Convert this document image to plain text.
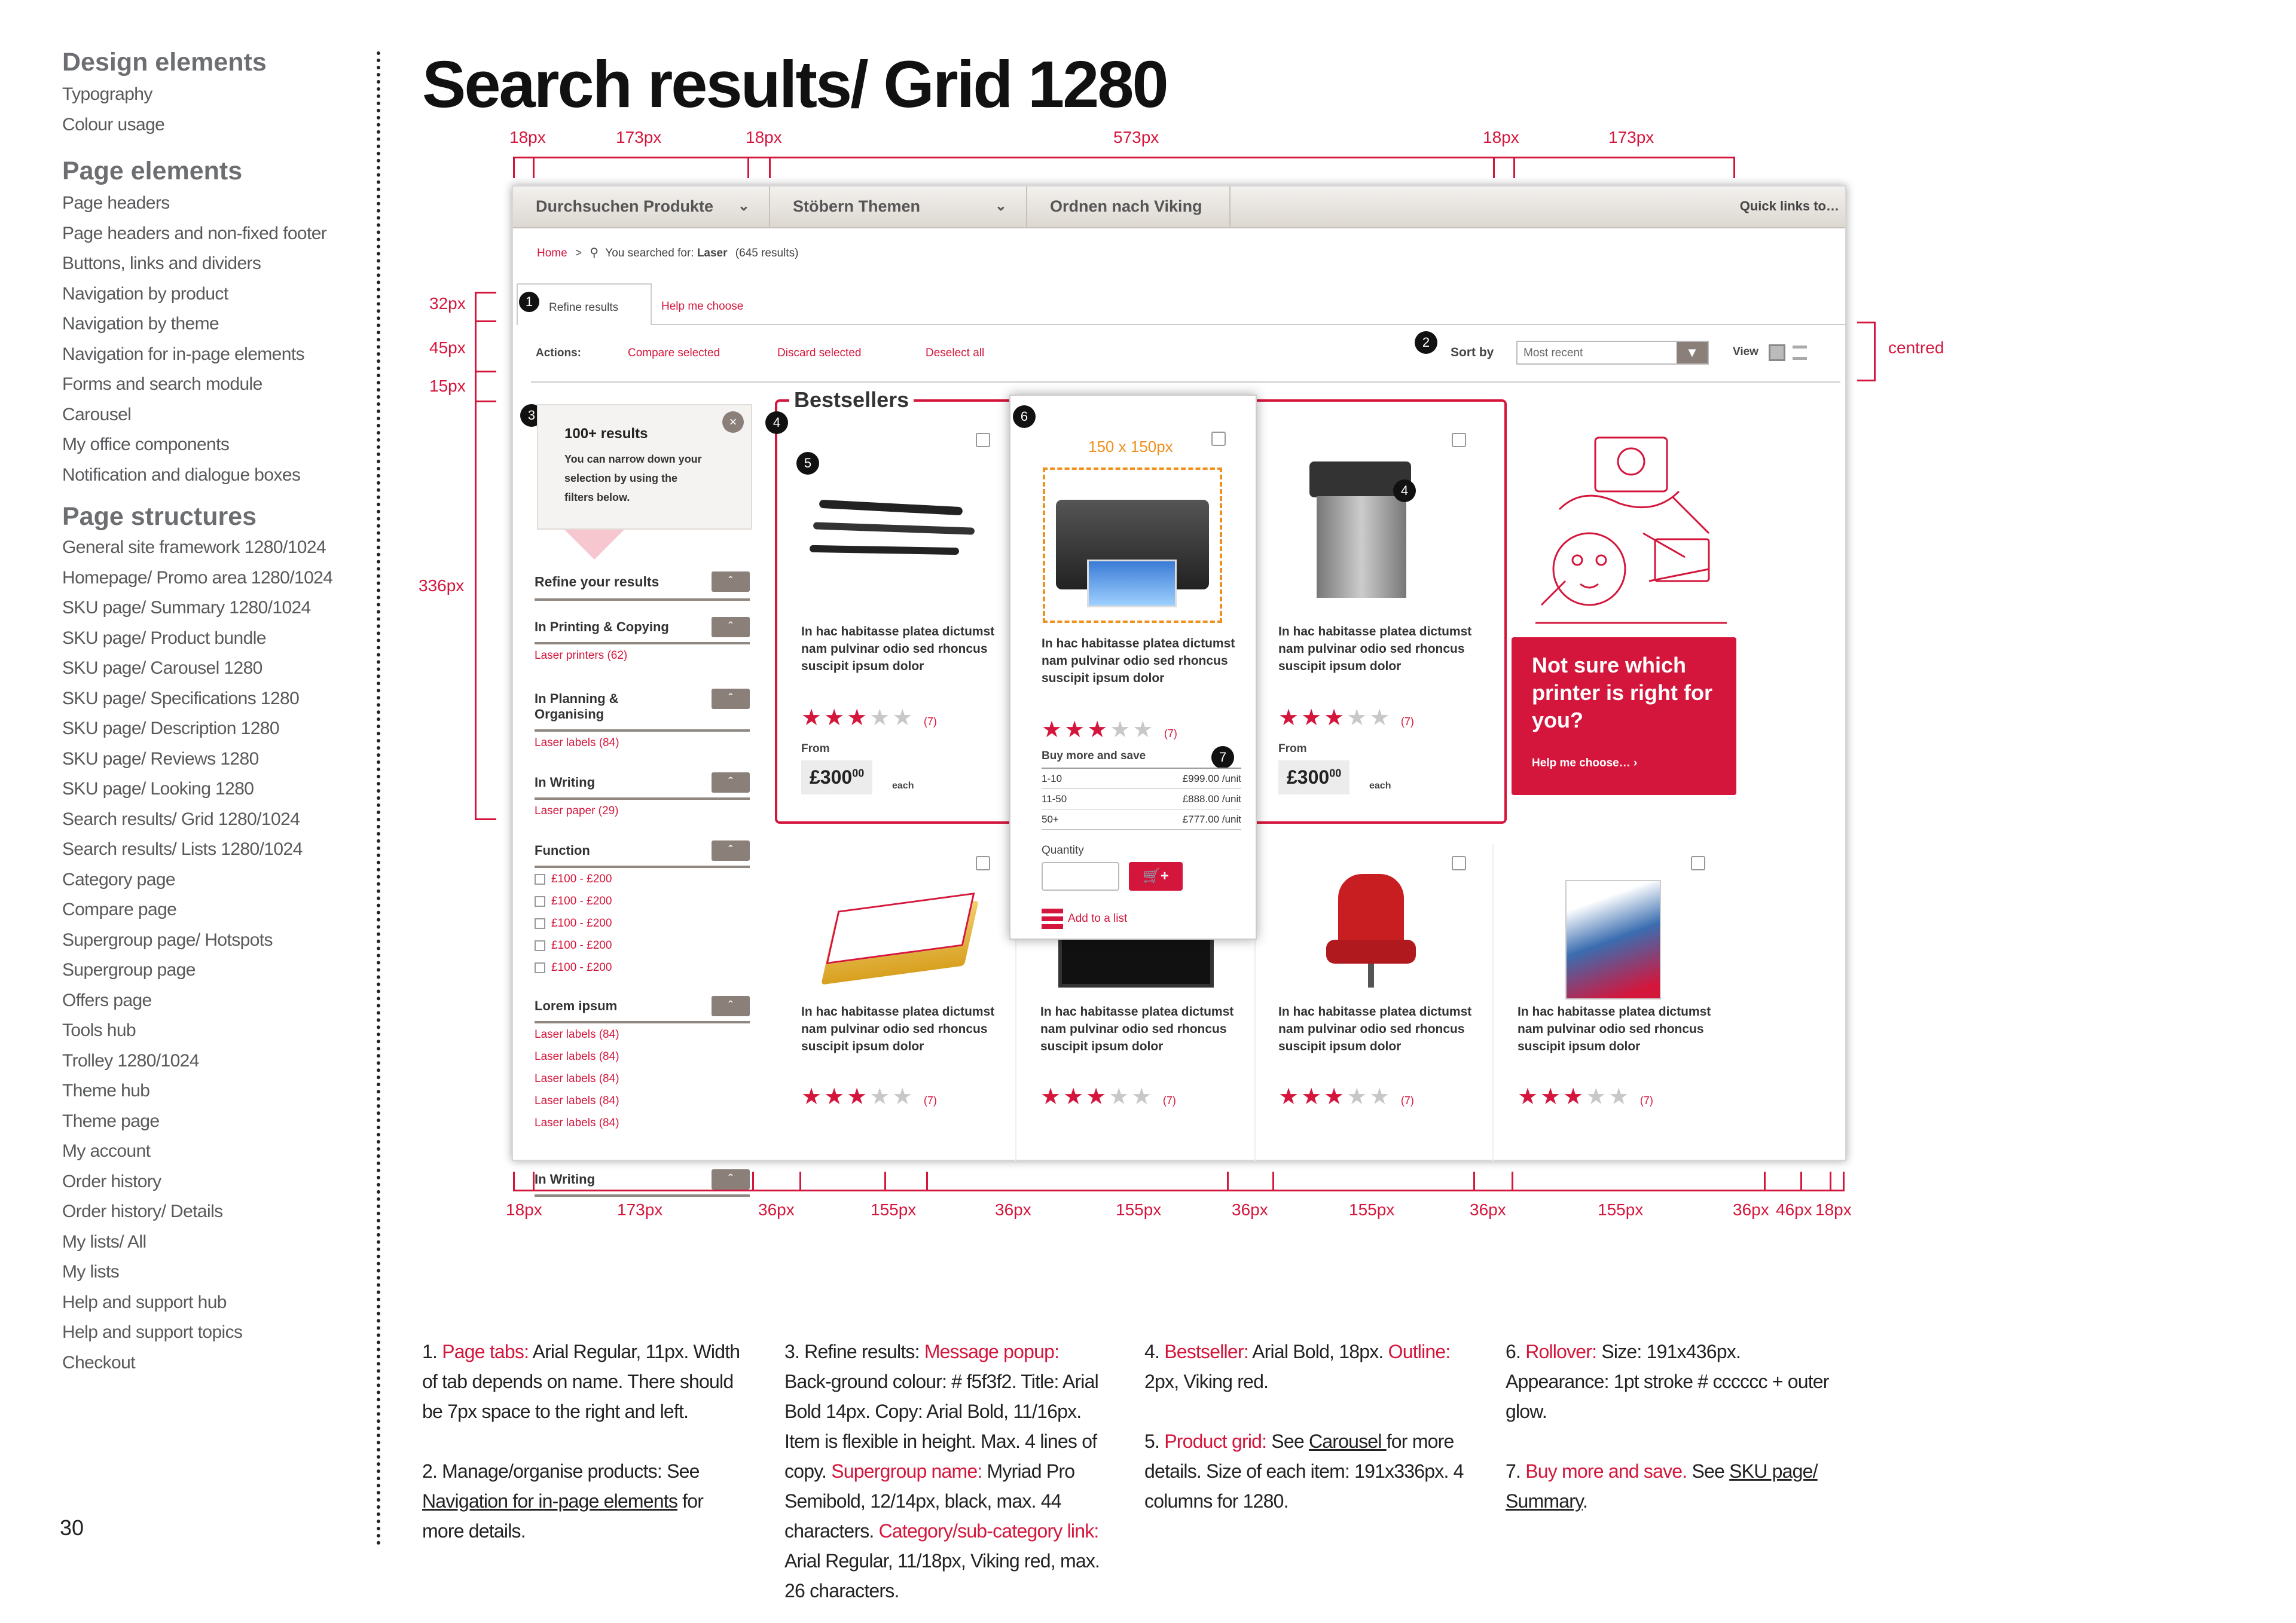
Design elements
Typography
Colour usage
Page elements
Page headers
Page headers and non-fixed footer
Buttons, links and dividers
Navigation by product
Navigation by theme
Navigation for in-page elements
Forms and search module
Carousel
My office components
Notification and dialogue boxes
Page structures
General site framework 1280/1024
Homepage/ Promo area 1280/1024
SKU page/ Summary 1280/1024
SKU page/ Product bundle
SKU page/ Carousel 1280
SKU page/ Specifications 1280
SKU page/ Description 1280
SKU page/ Reviews 1280
SKU page/ Looking 1280
Search results/ Grid 1280/1024
Search results/ Lists 1280/1024
Category page
Compare page
Supergroup page/ Hotspots
Supergroup page
Offers page
Tools hub
Trolley 1280/1024
Theme hub
Theme page
My account
Order history
Order history/ Details
My lists/ All
My lists
Help and support hub
Help and support topics
Checkout
30
Search results/ Grid 1280
18px	173px	18px	573px	18px	173px
32px
45px
15px
336px
centred
18px	173px	36px	155px	36px	155px	36px	155px	36px	155px	36px 46px 18px
Durchsuchen Produkte ⌄	Stöbern Themen	⌄	Ordnen nach Viking	Quick links to…
Home > ⚲ You searched for: Laser (645 results)
Refine results	Help me choose
1
Actions:	Compare selected	Discard selected	Deselect all
2
Sort by	Most recent	▼	View
3
100+ results
You can narrow down your selection by using the filters below.
×
Refine your results	ˆ
Bestsellers
4
5
In hac habitasse platea dictumst nam pulvinar odio sed rhoncus suscipit ipsum dolor
★★★★★ (7)
From
$£300^{00}$
each
4
In hac habitasse platea dictumst nam pulvinar odio sed rhoncus suscipit ipsum dolor
★★★★★ (7)
From
$£300^{00}$
each
Not sure which printer is right for you?
Help me choose… ›
In hac habitasse platea dictumst nam pulvinar odio sed rhoncus suscipit ipsum dolor
★★★★★ (7)
In hac habitasse platea dictumst nam pulvinar odio sed rhoncus suscipit ipsum dolor
★★★★★ (7)
In hac habitasse platea dictumst nam pulvinar odio sed rhoncus suscipit ipsum dolor
★★★★★ (7)
In hac habitasse platea dictumst nam pulvinar odio sed rhoncus suscipit ipsum dolor
★★★★★ (7)
6
150 x 150px
In hac habitasse platea dictumst nam pulvinar odio sed rhoncus suscipit ipsum dolor
★★★★★ (7)
7
Buy more and save
1-10	£999.00 /unit
11-50	£888.00 /unit
50+	£777.00 /unit
Quantity
🛒+
Add to a list
In Printing & Copying	ˆ
Laser printers (62)
In Planning & Organising
ˆ
Laser labels (84)
In Writing	ˆ
Laser paper (29)
Function	ˆ
£100 - £200
£100 - £200
£100 - £200
£100 - £200
£100 - £200
Lorem ipsum	ˆ
Laser labels (84)
Laser labels (84)
Laser labels (84)
Laser labels (84)
Laser labels (84)
In Writing	ˆ
1. Page tabs: Arial Regular, 11px. Width of tab depends on name. There should be 7px space to the right and left.

2. Manage/organise products: See Navigation for in-page elements for more details.
3. Refine results: Message popup: Back-ground colour: # f5f3f2. Title: Arial Bold 14px. Copy: Arial Bold, 11/16px. Item is flexible in height. Max. 4 lines of copy. Supergroup name: Myriad Pro Semibold, 12/14px, black, max. 44 characters. Category/sub-category link: Arial Regular, 11/18px, Viking red, max. 26 characters.
4. Bestseller: Arial Bold, 18px. Outline: 2px, Viking red.

5. Product grid: See Carousel for more details. Size of each item: 191x336px. 4 columns for 1280.
6. Rollover: Size: 191x436px. Appearance: 1pt stroke # cccccc + outer glow.

7. Buy more and save. See SKU page/ Summary.
